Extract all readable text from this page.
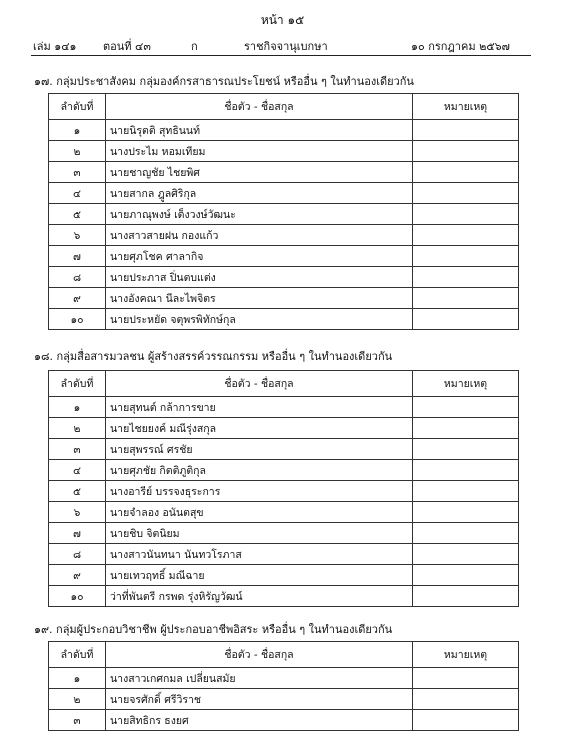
หน้า ๑๕
เล่ม ๑๔๑ ตอนที่ ๔๓	ก	ราชกิจจานุเบกษา	๑๐ กรกฎาคม ๒๕๖๗
๑๗. กลุ่มประชาสังคม กลุ่มองค์กรสาธารณประโยชน์ หรืออื่น ๆ ในทำนองเดียวกัน
ลำดับที่	ชื่อตัว - ชื่อสกุล	หมายเหตุ
๑	นายนิรุตติ สุทธินนท์	
๒	นางประไม หอมเทียม	
๓	นายชาญชัย ไชยพิศ	
๔	นายสากล ฎูลศิริกุล	
๕	นายภาณุพงษ์ เต็งวงษ์วัฒนะ	
๖	นางสาวสายฝน กองแก้ว	
๗	นายศุภโชค ศาลากิจ	
๘	นายประภาส ปิ่นตบแต่ง	
๙	นางอังคณา นีละไพจิตร	
๑๐	นายประหยัด จตุพรพิทักษ์กุล	
๑๘. กลุ่มสื่อสารมวลชน ผู้สร้างสรรค์วรรณกรรม หรืออื่น ๆ ในทำนองเดียวกัน
ลำดับที่	ชื่อตัว - ชื่อสกุล	หมายเหตุ
๑	นายสุทนต์ กล้าการขาย	
๒	นายไชยยงค์ มณีรุ่งสกุล	
๓	นายสุพรรณ์ ศรชัย	
๔	นายศุภชัย กิตติภูติกุล	
๕	นางอารีย์ บรรจงธุระการ	
๖	นายจำลอง อนันตสุข	
๗	นายชิบ จิตนิยม	
๘	นางสาวนันทนา นันทวโรภาส	
๙	นายเทวฤทธิ์ มณีฉาย	
๑๐	ว่าที่พันตรี กรพด รุ่งหิรัญวัฒน์	
๑๙. กลุ่มผู้ประกอบวิชาชีพ ผู้ประกอบอาชีพอิสระ หรืออื่น ๆ ในทำนองเดียวกัน
ลำดับที่	ชื่อตัว - ชื่อสกุล	หมายเหตุ
๑	นางสาวเกศกมล เปลี่ยนสมัย	
๒	นายจรศักดิ์ ศรีวิราช	
๓	นายสิทธิกร ธงยศ	
